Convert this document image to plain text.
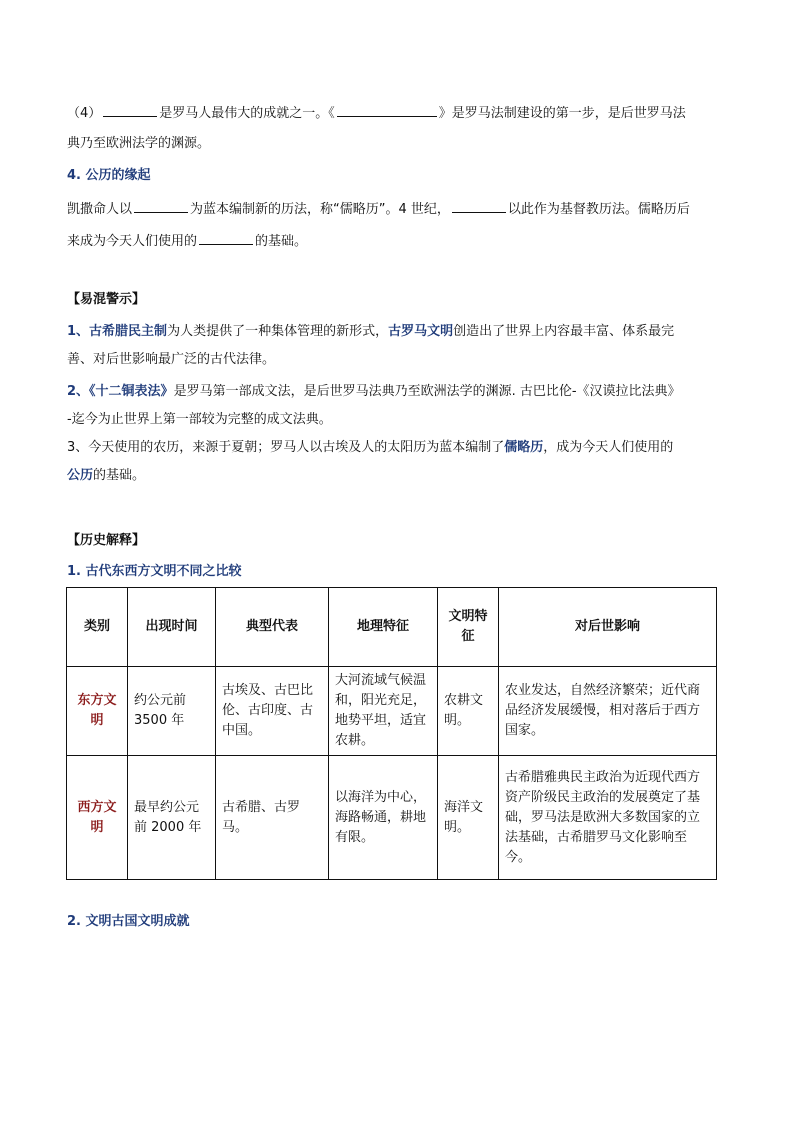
（4）	是罗马人最伟大的成就之一。《	》是罗马法制建设的第一步，是后世罗马法
典乃至欧洲法学的渊源。
4. 公历的缘起
凯撒命人以	为蓝本编制新的历法，称“儒略历”。4 世纪，	以此作为基督教历法。儒略历后
来成为今天人们使用的	的基础。
【易混警示】
1、古希腊民主制为人类提供了一种集体管理的新形式，古罗马文明创造出了世界上内容最丰富、体系最完
善、对后世影响最广泛的古代法律。
2、《十二铜表法》是罗马第一部成文法，是后世罗马法典乃至欧洲法学的渊源. 古巴比伦-《汉谟拉比法典》
-迄今为止世界上第一部较为完整的成文法典。
3、今天使用的农历，来源于夏朝；罗马人以古埃及人的太阳历为蓝本编制了儒略历，成为今天人们使用的
公历的基础。
【历史解释】
1. 古代东西方文明不同之比较
类别	出现时间	典型代表	地理特征	文明特征	对后世影响
东方文明	约公元前 3500 年	古埃及、古巴比伦、古印度、古中国。	大河流域气候温和，阳光充足，地势平坦，适宜农耕。	农耕文明。	农业发达，自然经济繁荣；近代商品经济发展缓慢，相对落后于西方国家。
西方文明	最早约公元前 2000 年	古希腊、古罗马。	以海洋为中心，海路畅通，耕地有限。	海洋文明。	古希腊雅典民主政治为近现代西方资产阶级民主政治的发展奠定了基础，罗马法是欧洲大多数国家的立法基础，古希腊罗马文化影响至今。
2. 文明古国文明成就
